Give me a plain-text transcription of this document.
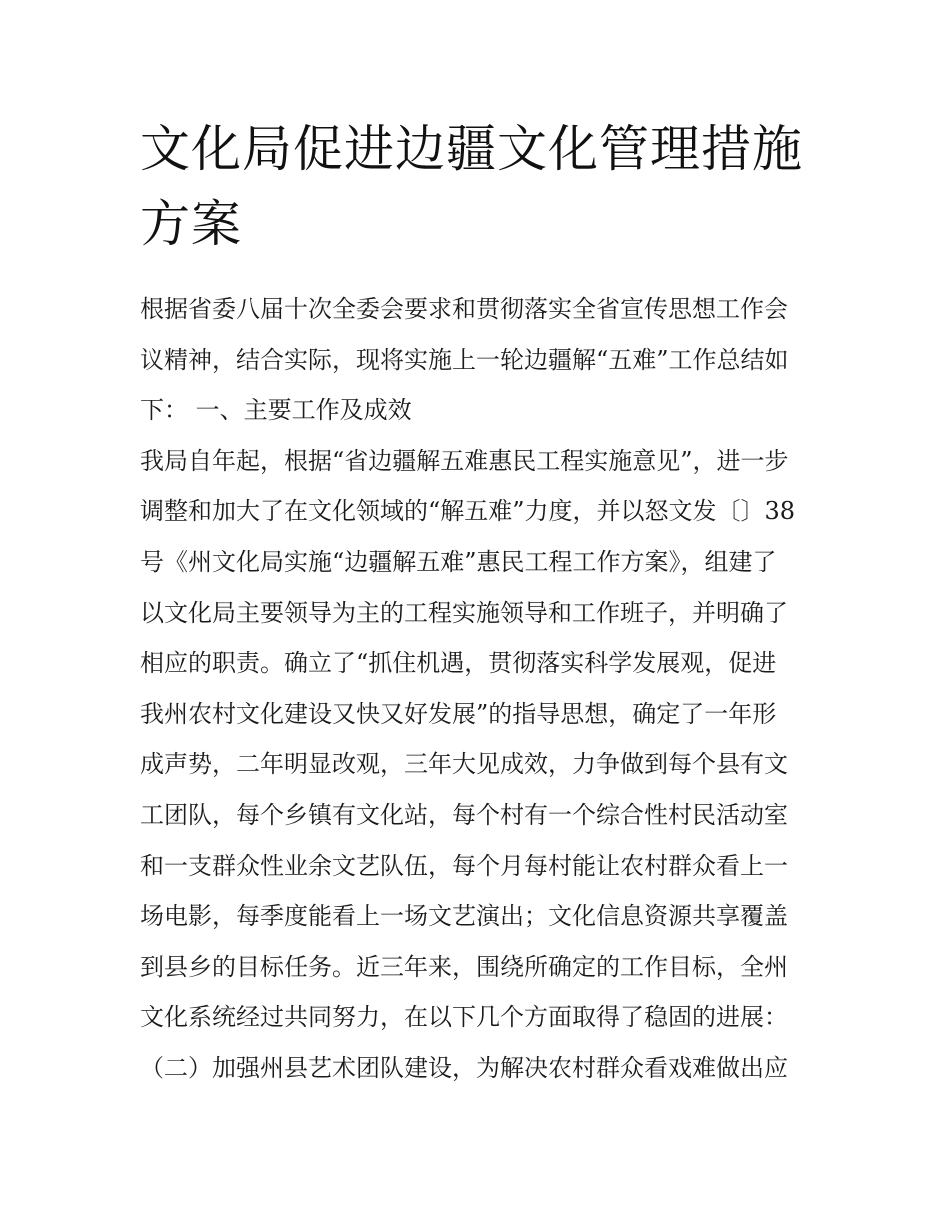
文化局促进边疆文化管理措施
方案
根据省委八届十次全委会要求和贯彻落实全省宣传思想工作会
议精神，结合实际，现将实施上一轮边疆解“五难”工作总结如
下： 一、主要工作及成效
我局自年起，根据“省边疆解五难惠民工程实施意见”，进一步
调整和加大了在文化领域的“解五难”力度，并以怒文发〔〕38
号《州文化局实施“边疆解五难”惠民工程工作方案》，组建了
以文化局主要领导为主的工程实施领导和工作班子，并明确了
相应的职责。确立了“抓住机遇，贯彻落实科学发展观，促进
我州农村文化建设又快又好发展”的指导思想，确定了一年形
成声势，二年明显改观，三年大见成效，力争做到每个县有文
工团队，每个乡镇有文化站，每个村有一个综合性村民活动室
和一支群众性业余文艺队伍，每个月每村能让农村群众看上一
场电影，每季度能看上一场文艺演出；文化信息资源共享覆盖
到县乡的目标任务。近三年来，围绕所确定的工作目标，全州
文化系统经过共同努力，在以下几个方面取得了稳固的进展：
（二）加强州县艺术团队建设，为解决农村群众看戏难做出应
